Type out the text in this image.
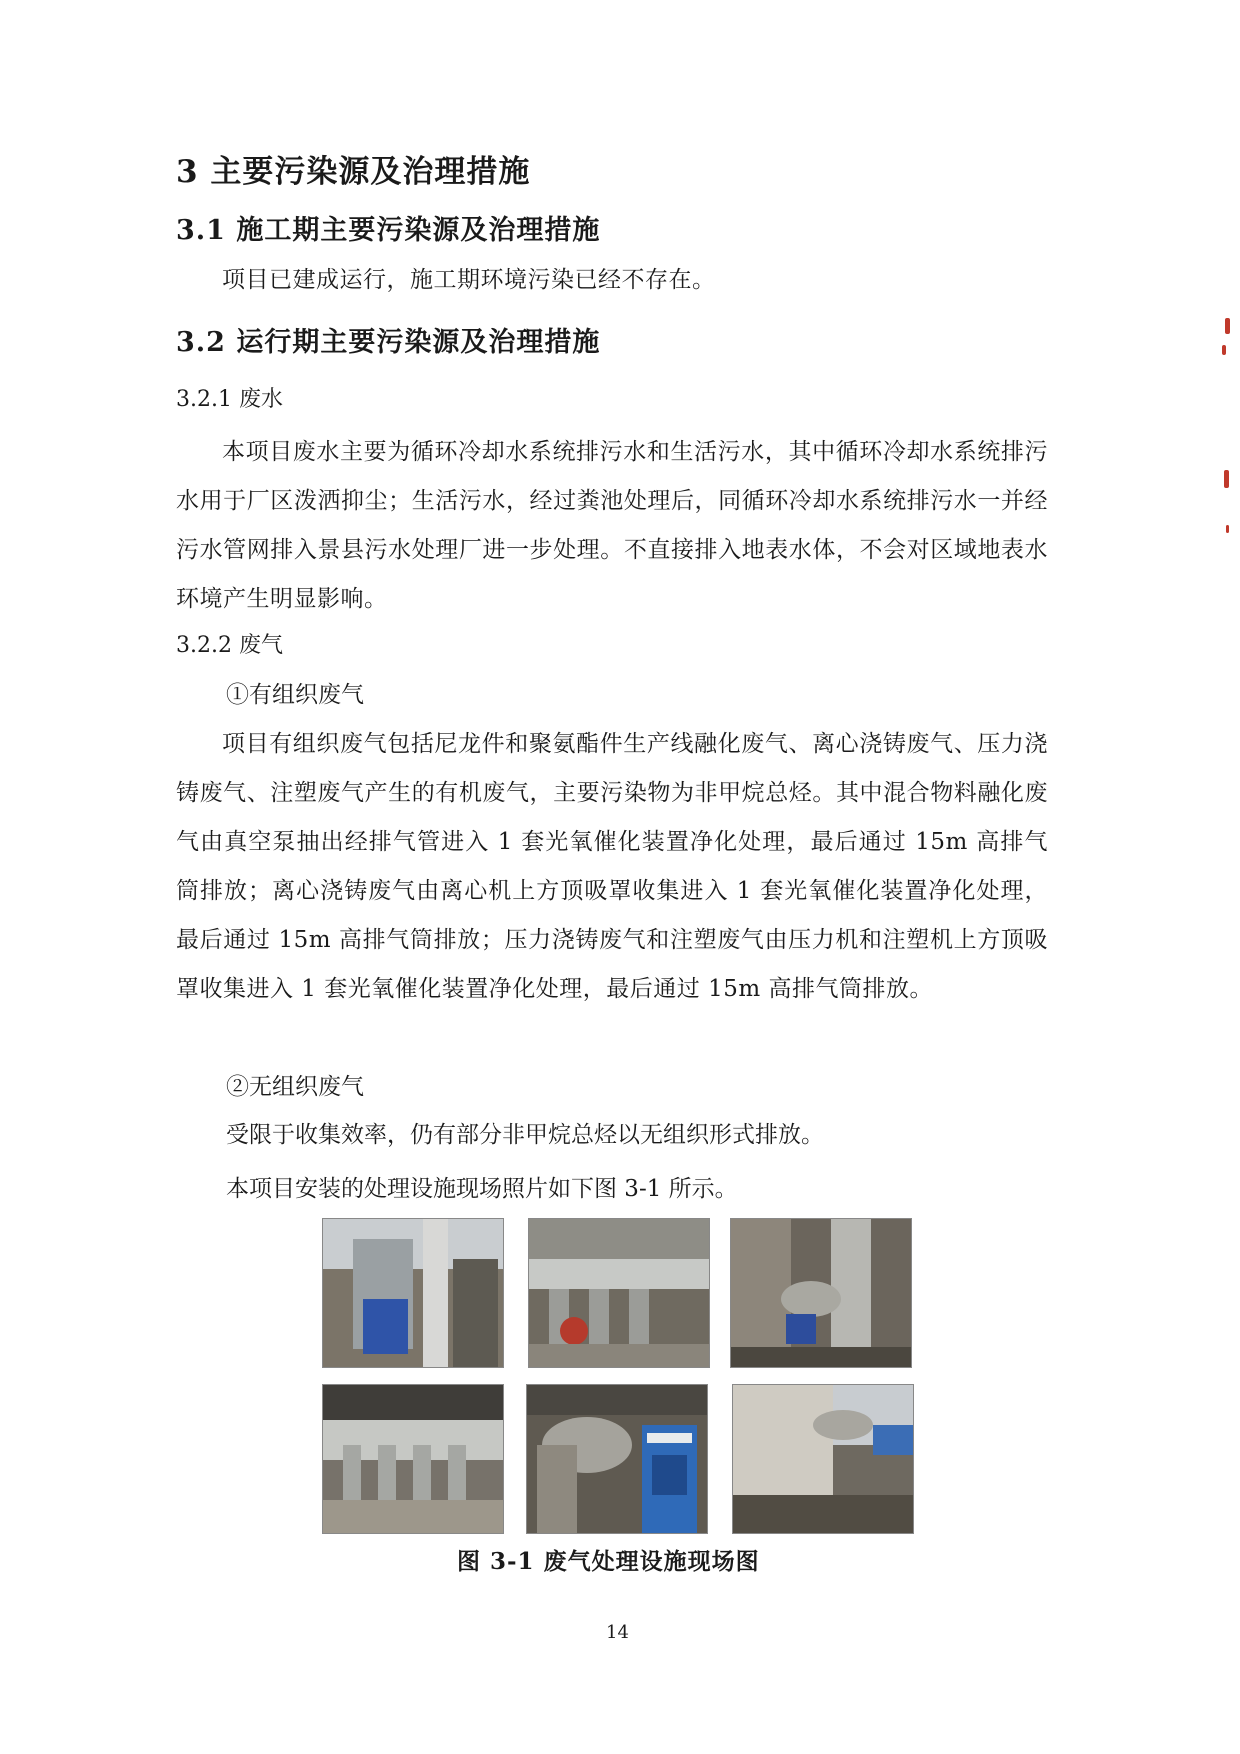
3 主要污染源及治理措施
3.1 施工期主要污染源及治理措施
项目已建成运行，施工期环境污染已经不存在。
3.2 运行期主要污染源及治理措施
3.2.1 废水
本项目废水主要为循环冷却水系统排污水和生活污水，其中循环冷却水系统排污水用于厂区泼洒抑尘；生活污水，经过粪池处理后，同循环冷却水系统排污水一并经污水管网排入景县污水处理厂进一步处理。不直接排入地表水体，不会对区域地表水环境产生明显影响。
3.2.2 废气
①有组织废气
项目有组织废气包括尼龙件和聚氨酯件生产线融化废气、离心浇铸废气、压力浇铸废气、注塑废气产生的有机废气，主要污染物为非甲烷总烃。其中混合物料融化废气由真空泵抽出经排气管进入 1 套光氧催化装置净化处理，最后通过 15m 高排气筒排放；离心浇铸废气由离心机上方顶吸罩收集进入 1 套光氧催化装置净化处理，最后通过 15m 高排气筒排放；压力浇铸废气和注塑废气由压力机和注塑机上方顶吸罩收集进入 1 套光氧催化装置净化处理，最后通过 15m 高排气筒排放。
②无组织废气
受限于收集效率，仍有部分非甲烷总烃以无组织形式排放。
本项目安装的处理设施现场照片如下图 3-1 所示。
图 3-1 废气处理设施现场图
14
